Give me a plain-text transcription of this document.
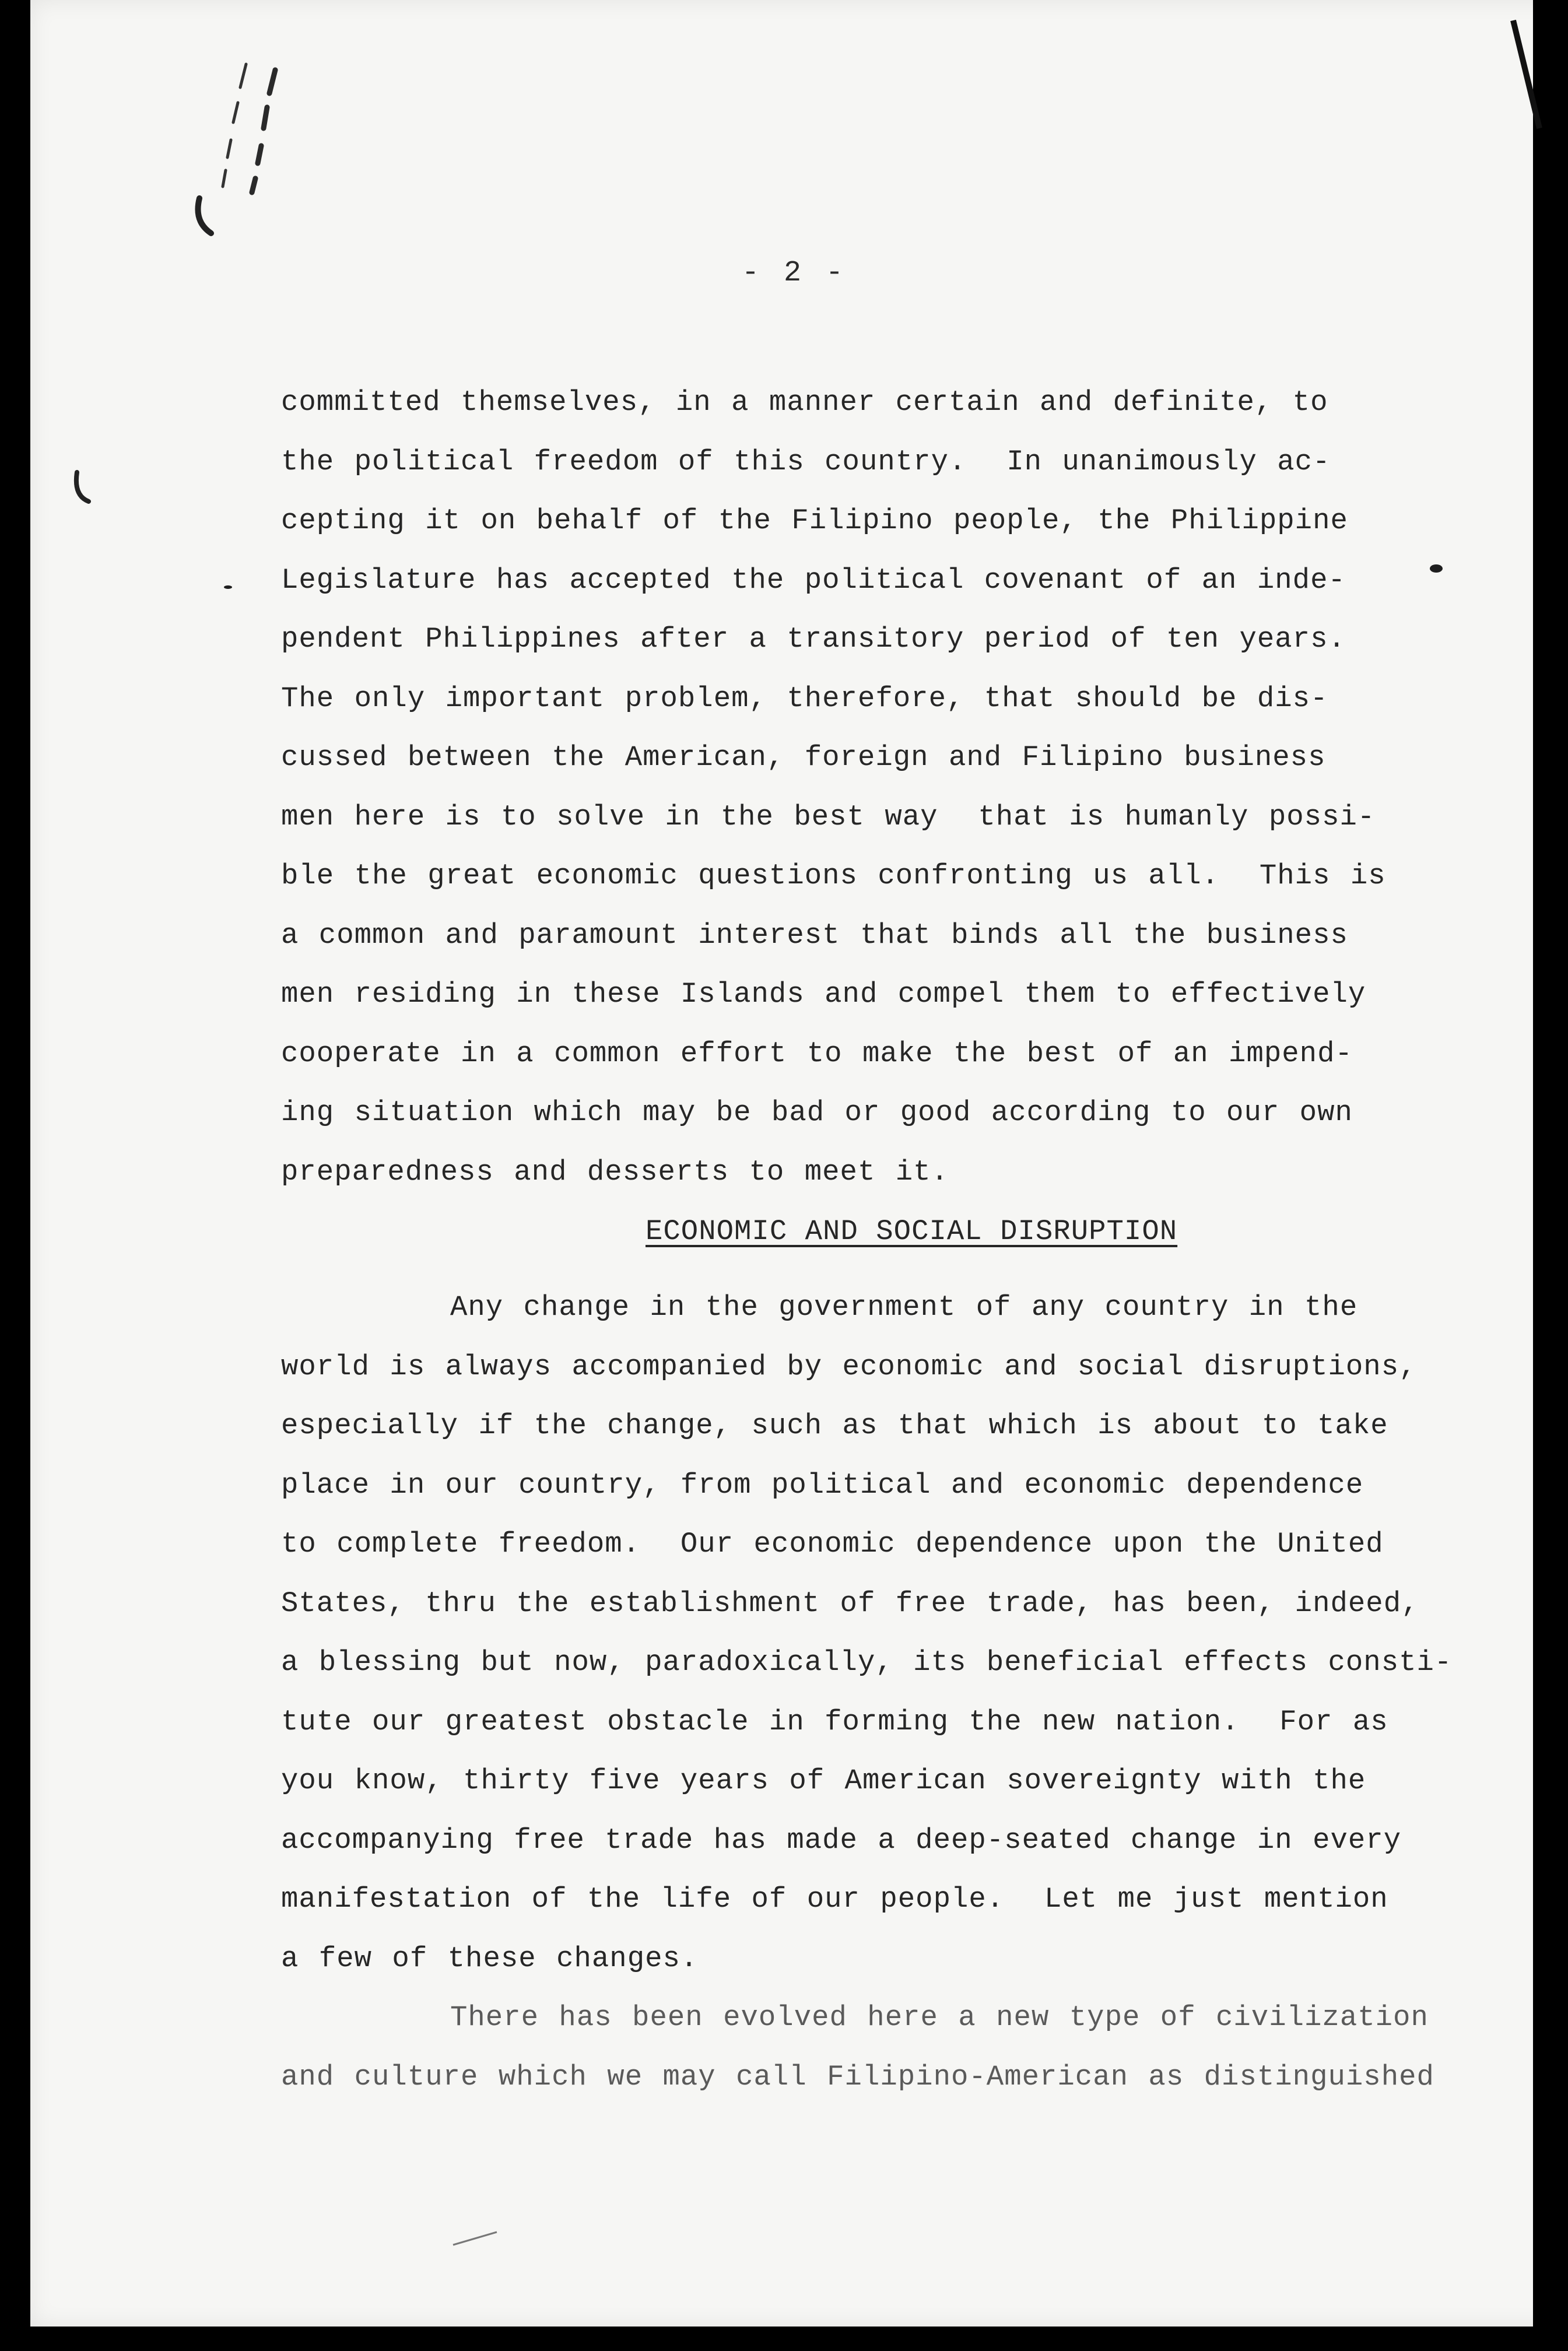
- 2 -
committed themselves, in a manner certain and definite, to
the political freedom of this country.  In unanimously ac-
cepting it on behalf of the Filipino people, the Philippine
Legislature has accepted the political covenant of an inde-
pendent Philippines after a transitory period of ten years.
The only important problem, therefore, that should be dis-
cussed between the American, foreign and Filipino business
men here is to solve in the best way  that is humanly possi-
ble the great economic questions confronting us all.  This is
a common and paramount interest that binds all the business
men residing in these Islands and compel them to effectively
cooperate in a common effort to make the best of an impend-
ing situation which may be bad or good according to our own
preparedness and desserts to meet it.
ECONOMIC AND SOCIAL DISRUPTION
Any change in the government of any country in the
world is always accompanied by economic and social disruptions,
especially if the change, such as that which is about to take
place in our country, from political and economic dependence
to complete freedom.  Our economic dependence upon the United
States, thru the establishment of free trade, has been, indeed,
a blessing but now, paradoxically, its beneficial effects consti-
tute our greatest obstacle in forming the new nation.  For as
you know, thirty five years of American sovereignty with the
accompanying free trade has made a deep-seated change in every
manifestation of the life of our people.  Let me just mention
a few of these changes.
There has been evolved here a new type of civilization
and culture which we may call Filipino-American as distinguished
